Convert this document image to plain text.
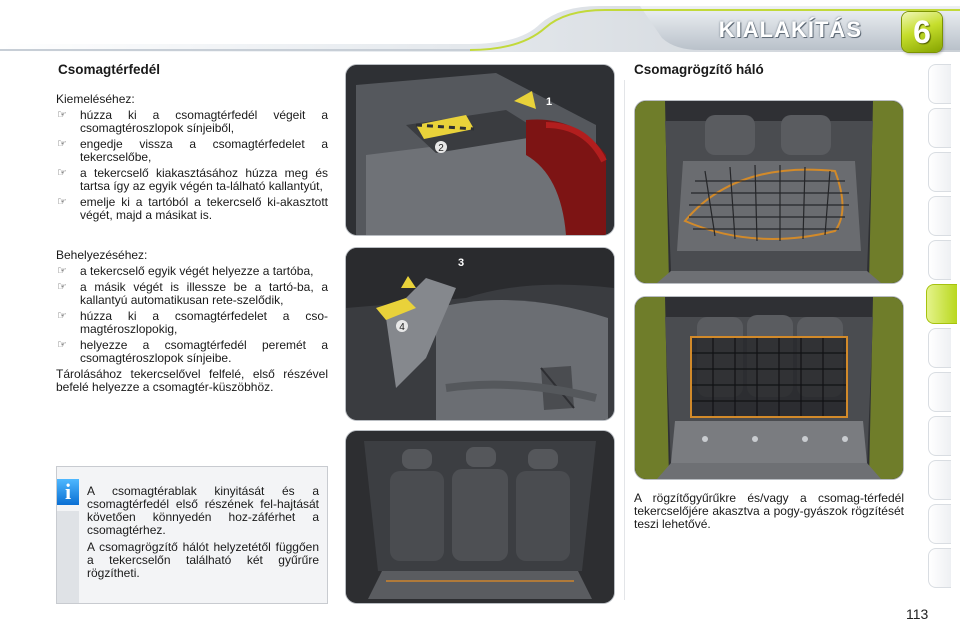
KIALAKÍTÁS	6
Csomagtérfedél

Kiemeléséhez:

☞ húzza ki a csomagtérfedél végeit a csomagtéroszlopok sínjeiből,
☞ engedje vissza a csomagtérfedelet a tekercselőbe,
☞ a tekercselő kiakasztásához húzza meg és tartsa így az egyik végén ta-lálható kallantyút,
☞ emelje ki a tartóból a tekercselő ki-akasztott végét, majd a másikat is.

Behelyezéséhez:

☞ a tekercselő egyik végét helyezze a tartóba,
☞ a másik végét is illessze be a tartó-ba, a kallantyú automatikusan rete-szelődik,
☞ húzza ki a csomagtérfedelet a cso-magtéroszlopokig,
☞ helyezze a csomagtérfedél peremét a csomagtéroszlopok sínjeibe.

Tárolásához tekercselővel felfelé, első részével befelé helyezze a csomagtér-küszöbhöz.

i	A csomagtérablak kinyitását és a csomagtérfedél első részének fel-hajtását követően könnyedén hoz-záférhet a csomagtérhez.

A csomagrögzítő hálót helyzetétől függően a tekercselőn található két gyűrűre rögzítheti.

2
1
4
3
Csomagrögzítő háló
A rögzítőgyűrűkre és/vagy a csomag-térfedél tekercselőjére akasztva a pogy-gyászok rögzítését teszi lehetővé.
113
